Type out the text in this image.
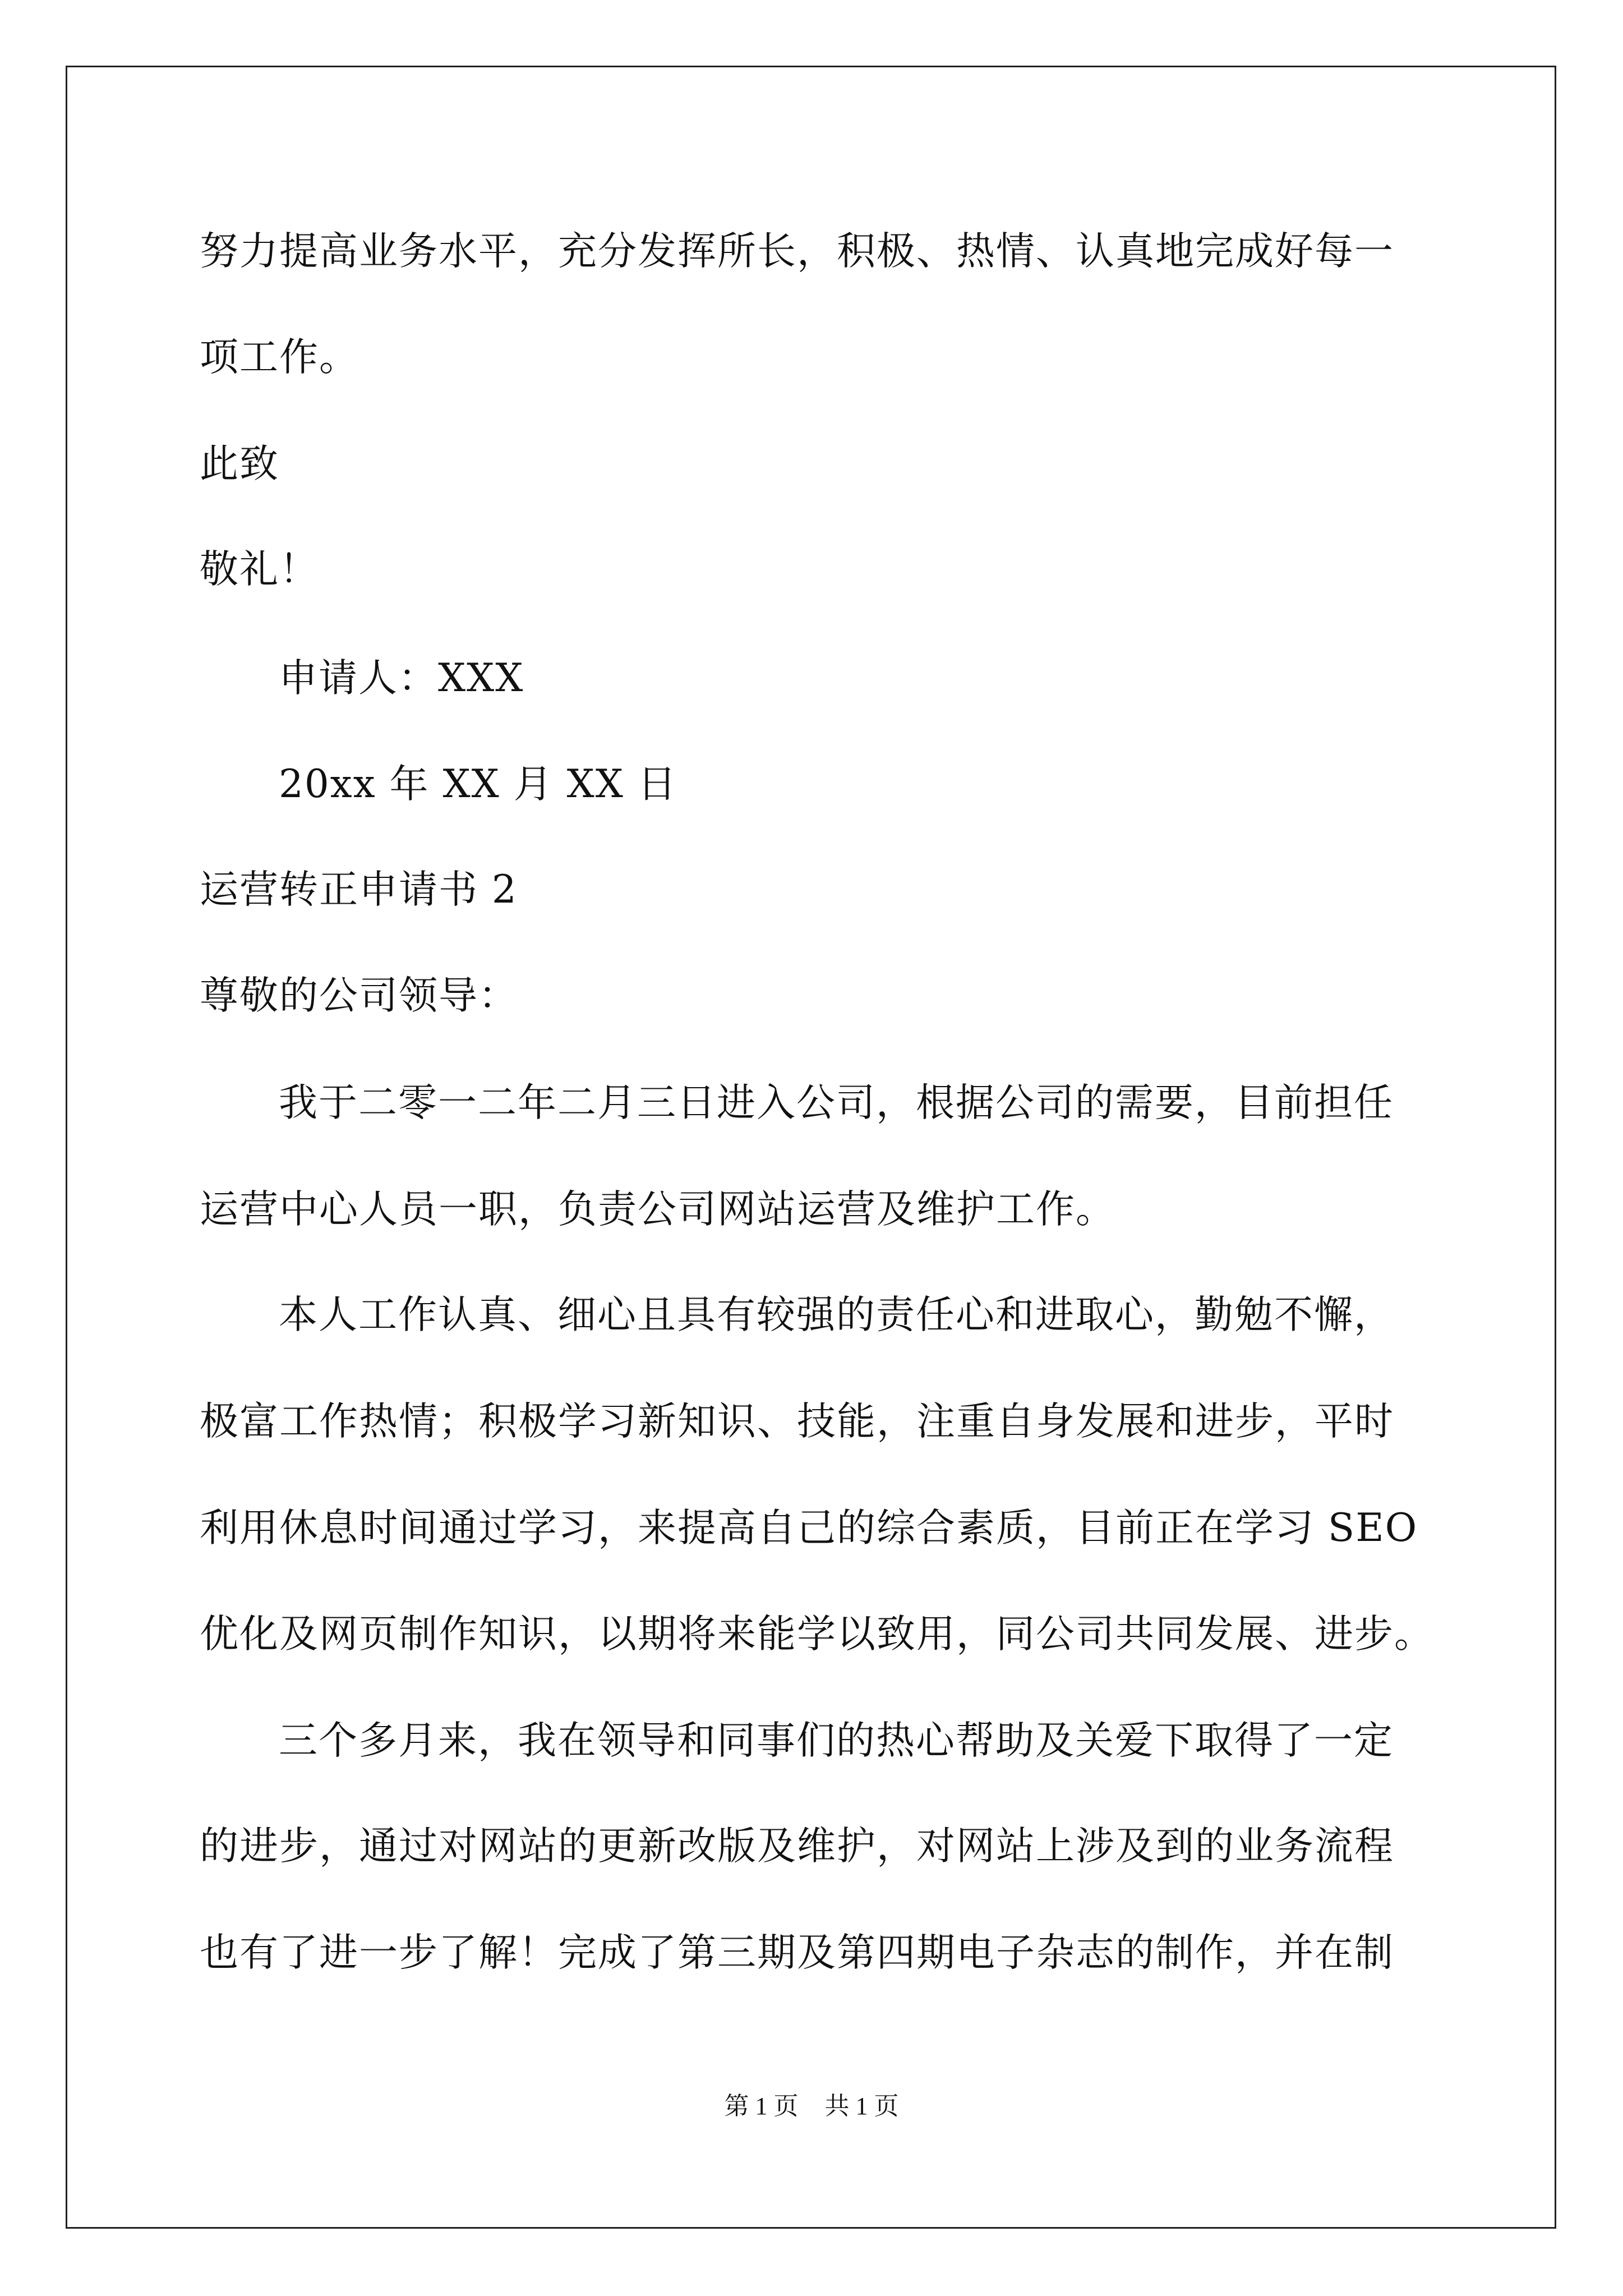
努力提高业务水平，充分发挥所长，积极、热情、认真地完成好每一
项工作。
此致
敬礼！
申请人：XXX
20xx 年 XX 月 XX 日
运营转正申请书 2
尊敬的公司领导：
我于二零一二年二月三日进入公司，根据公司的需要，目前担任
运营中心人员一职，负责公司网站运营及维护工作。
本人工作认真、细心且具有较强的责任心和进取心，勤勉不懈，
极富工作热情；积极学习新知识、技能，注重自身发展和进步，平时
利用休息时间通过学习，来提高自己的综合素质，目前正在学习 SEO
优化及网页制作知识，以期将来能学以致用，同公司共同发展、进步。
三个多月来，我在领导和同事们的热心帮助及关爱下取得了一定
的进步，通过对网站的更新改版及维护，对网站上涉及到的业务流程
也有了进一步了解！完成了第三期及第四期电子杂志的制作，并在制
第 1 页 共 1 页
